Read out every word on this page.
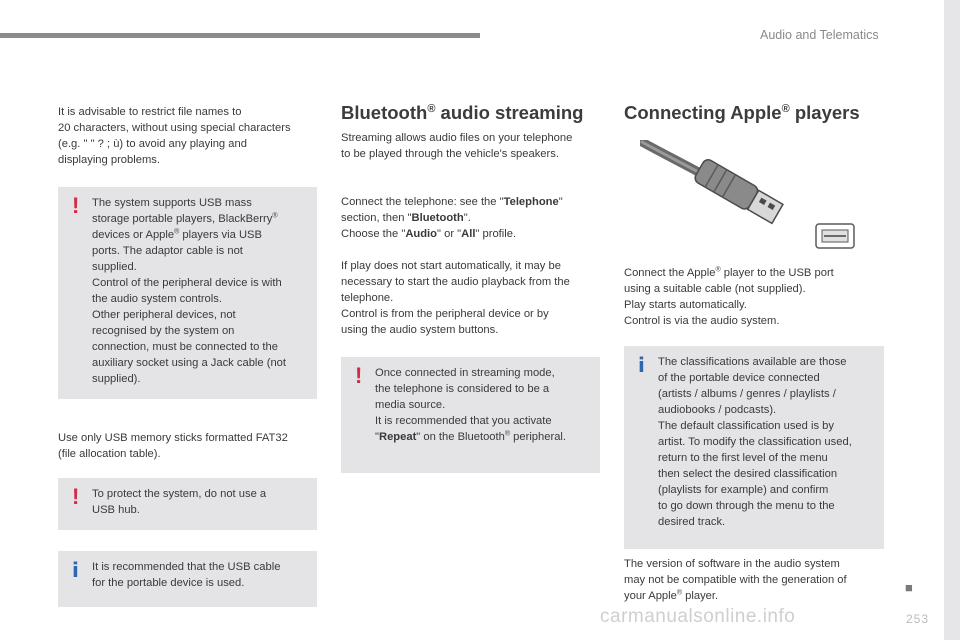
Audio and Telematics

It is advisable to restrict file names to

20 characters, without using special characters

(e.g. " " ? ; ù) to avoid any playing and

displaying problems.

! The system supports USB mass

storage portable players, BlackBerry®

devices or Apple® players via USB

ports. The adaptor cable is not

supplied.

Control of the peripheral device is with

the audio system controls.

Other peripheral devices, not

recognised by the system on

connection, must be connected to the

auxiliary socket using a Jack cable (not

supplied).

Use only USB memory sticks formatted FAT32

(file allocation table).

! To protect the system, do not use a

USB hub.

i It is recommended that the USB cable

for the portable device is used.

Bluetooth® audio streaming

Streaming allows audio files on your telephone

to be played through the vehicle's speakers.

Connect the telephone: see the "Telephone"

section, then "Bluetooth".

Choose the "Audio" or "All" profile.

If play does not start automatically, it may be

necessary to start the audio playback from the

telephone.

Control is from the peripheral device or by

using the audio system buttons.

! Once connected in streaming mode,

the telephone is considered to be a

media source.

It is recommended that you activate

"Repeat" on the Bluetooth® peripheral.

Connecting Apple® players

Connect the Apple® player to the USB port

using a suitable cable (not supplied).

Play starts automatically.

Control is via the audio system.

i The classifications available are those

of the portable device connected

(artists / albums / genres / playlists /

audiobooks / podcasts).

The default classification used is by

artist. To modify the classification used,

return to the first level of the menu

then select the desired classification

(playlists for example) and confirm

to go down through the menu to the

desired track.

The version of software in the audio system

may not be compatible with the generation of

your Apple® player.

■
carmanualsonline.info	253
